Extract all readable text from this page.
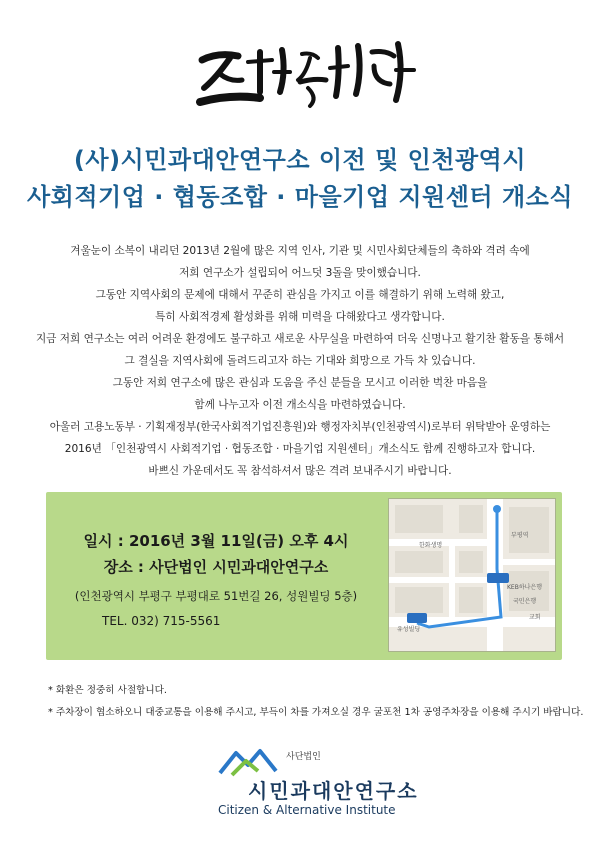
(사)시민과대안연구소 이전 및 인천광역시
사회적기업 · 협동조합 · 마을기업 지원센터 개소식
겨울눈이 소복이 내리던 2013년 2월에 많은 지역 인사, 기관 및 시민사회단체들의 축하와 격려 속에
저희 연구소가 설립되어 어느덧 3돌을 맞이했습니다.
그동안 지역사회의 문제에 대해서 꾸준히 관심을 가지고 이를 해결하기 위해 노력해 왔고,
특히 사회적경제 활성화를 위해 미력을 다해왔다고 생각합니다.
지금 저희 연구소는 여러 어려운 환경에도 불구하고 새로운 사무실을 마련하여 더욱 신명나고 활기찬 활동을 통해서
그 결실을 지역사회에 돌려드리고자 하는 기대와 희망으로 가득 차 있습니다.
그동안 저희 연구소에 많은 관심과 도움을 주신 분들을 모시고 이러한 벅찬 마음을
함께 나누고자 이전 개소식을 마련하였습니다.
아울러 고용노동부 · 기획재정부(한국사회적기업진흥원)와 행정자치부(인천광역시)로부터 위탁받아 운영하는
2016년 「인천광역시 사회적기업 · 협동조합 · 마을기업 지원센터」개소식도 함께 진행하고자 합니다.
바쁘신 가운데서도 꼭 참석하셔서 많은 격려 보내주시기 바랍니다.
일시 : 2016년 3월 11일(금) 오후 4시
장소 : 사단법인 시민과대안연구소
(인천광역시 부평구 부평대로 51번길 26, 성원빌딩 5층)
TEL. 032) 715-5561
한화생명
부평역
유성빌딩
KEB하나은행
국민은행
교회
* 화환은 정중히 사절합니다.
* 주차장이 협소하오니 대중교통을 이용해 주시고, 부득이 차를 가져오실 경우 굴포천 1차 공영주차장을 이용해 주시기 바랍니다.
사단법인
시민과대안연구소
Citizen & Alternative Institute
